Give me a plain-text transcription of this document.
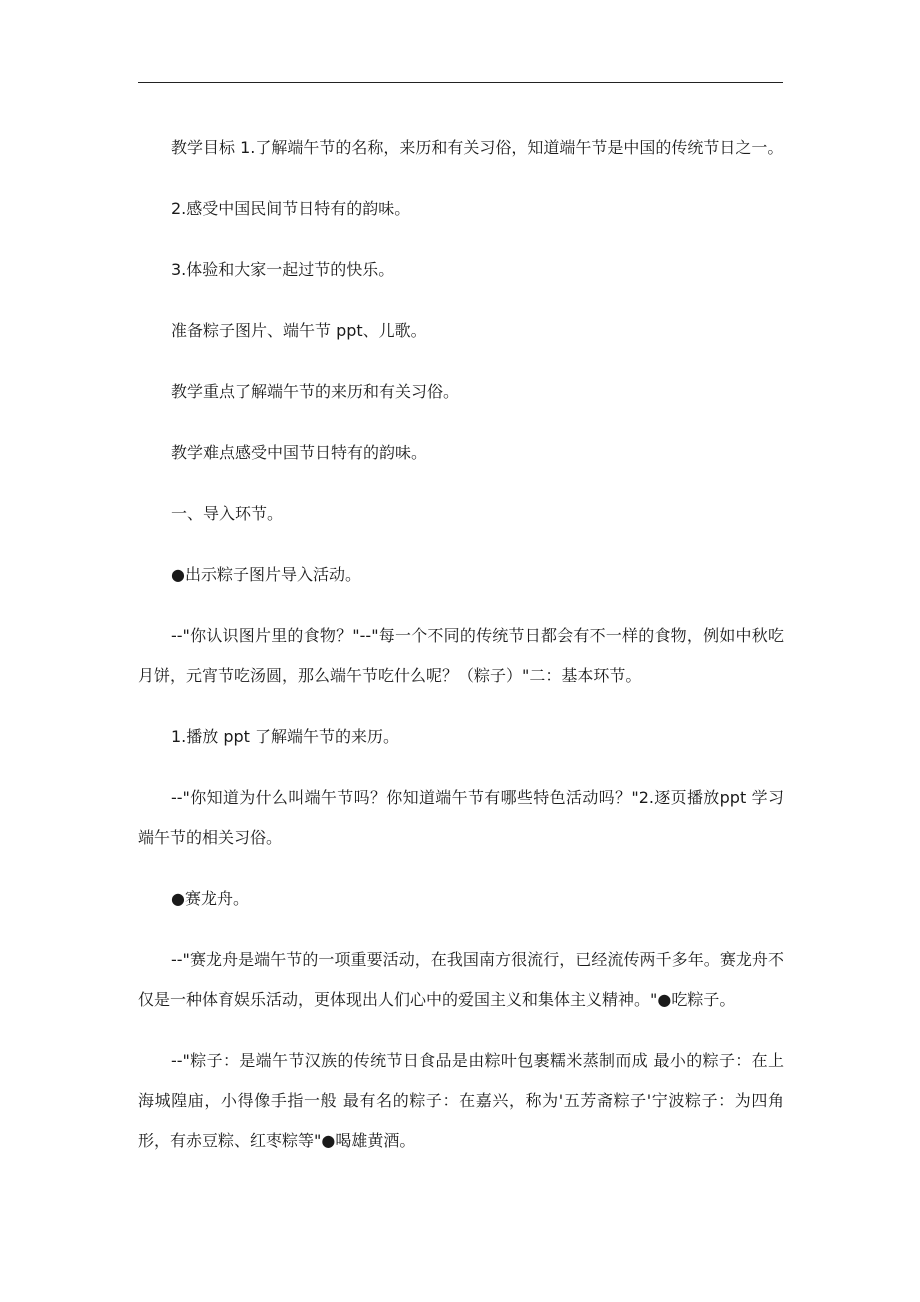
教学目标 1.了解端午节的名称，来历和有关习俗，知道端午节是中国的传统节日之一。

2.感受中国民间节日特有的韵味。

3.体验和大家一起过节的快乐。

准备粽子图片、端午节 ppt、儿歌。

教学重点了解端午节的来历和有关习俗。

教学难点感受中国节日特有的韵味。

一、导入环节。

●出示粽子图片导入活动。

--"你认识图片里的食物？"--"每一个不同的传统节日都会有不一样的食物，例如中秋吃月饼，元宵节吃汤圆，那么端午节吃什么呢？（粽子）"二：基本环节。

1.播放 ppt 了解端午节的来历。

--"你知道为什么叫端午节吗？你知道端午节有哪些特色活动吗？"2.逐页播放ppt 学习端午节的相关习俗。

●赛龙舟。

--"赛龙舟是端午节的一项重要活动，在我国南方很流行，已经流传两千多年。赛龙舟不仅是一种体育娱乐活动，更体现出人们心中的爱国主义和集体主义精神。"●吃粽子。

--"粽子：是端午节汉族的传统节日食品是由粽叶包裹糯米蒸制而成 最小的粽子：在上海城隍庙，小得像手指一般 最有名的粽子：在嘉兴，称为'五芳斋粽子'宁波粽子：为四角形，有赤豆粽、红枣粽等"●喝雄黄酒。
